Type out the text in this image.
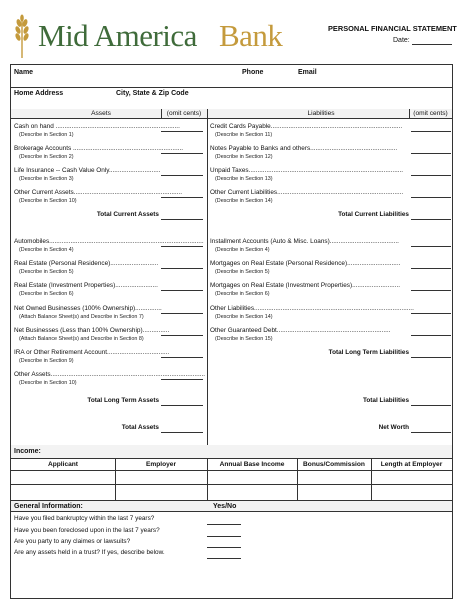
Mid America Bank	PERSONAL FINANCIAL STATEMENT
Date:
Name	Phone	Email
Home Address	City, State & Zip Code
Assets	(omit cents)	Liabilities	(omit cents)
Cash on hand ......................................................................
(Describe in Section 1)
Brokerage Accounts ..............................................................
(Describe in Section 2)
Life Insurance -- Cash Value Only.............................
(Describe in Section 3)
Other Current Assets.............................................................
(Describe in Section 10)
Total Current Assets
Credit Cards Payable..........................................................................
(Describe in Section 11)
Notes Payable to Banks and others.................................................
(Describe in Section 12)
Unpaid Taxes.......................................................................................
(Describe in Section 13)
Other Current Liabilities.......................................................................
(Describe in Section 14)
Total Current Liabilities
Automobiles.......................................................................................
(Describe in Section 4)
Real Estate (Personal Residence)...........................
(Describe in Section 5)
Real Estate (Investment Properties)........................
(Describe in Section 6)
Net Owned Businesses (100% Ownership)...............
(Attach Balance Sheet(s) and Describe in Section 7)
Net Businesses (Less than 100% Ownership)...............
(Attach Balance Sheet(s) and Describe in Section 8)
IRA or Other Retirement Account...................................
(Describe in Section 9)
Other Assets.......................................................................................
(Describe in Section 10)
Total Long Term Assets
Total Assets
Installment Accounts (Auto & Misc. Loans).......................................
(Describe in Section 4)
Mortgages on Real Estate (Personal Residence)..............................
(Describe in Section 5)
Mortgages on Real Estate (Investment Properties)...........................
(Describe in Section 6)
Other Liabilities..........................................................................................
(Describe in Section 14)
Other Guaranteed Debt................................................................
(Describe in Section 15)
Total Long Term Liabilities
Total Liabilities
Net Worth
Income:
Applicant	Employer	Annual Base Income	Bonus/Commission	Length at Employer
General Information:	Yes/No
Have you filed bankruptcy within the last 7 years?
Have you been foreclosed upon in the last 7 years?
Are you party to any claimes or lawsuits?
Are any assets held in a trust? If yes, describe below.
